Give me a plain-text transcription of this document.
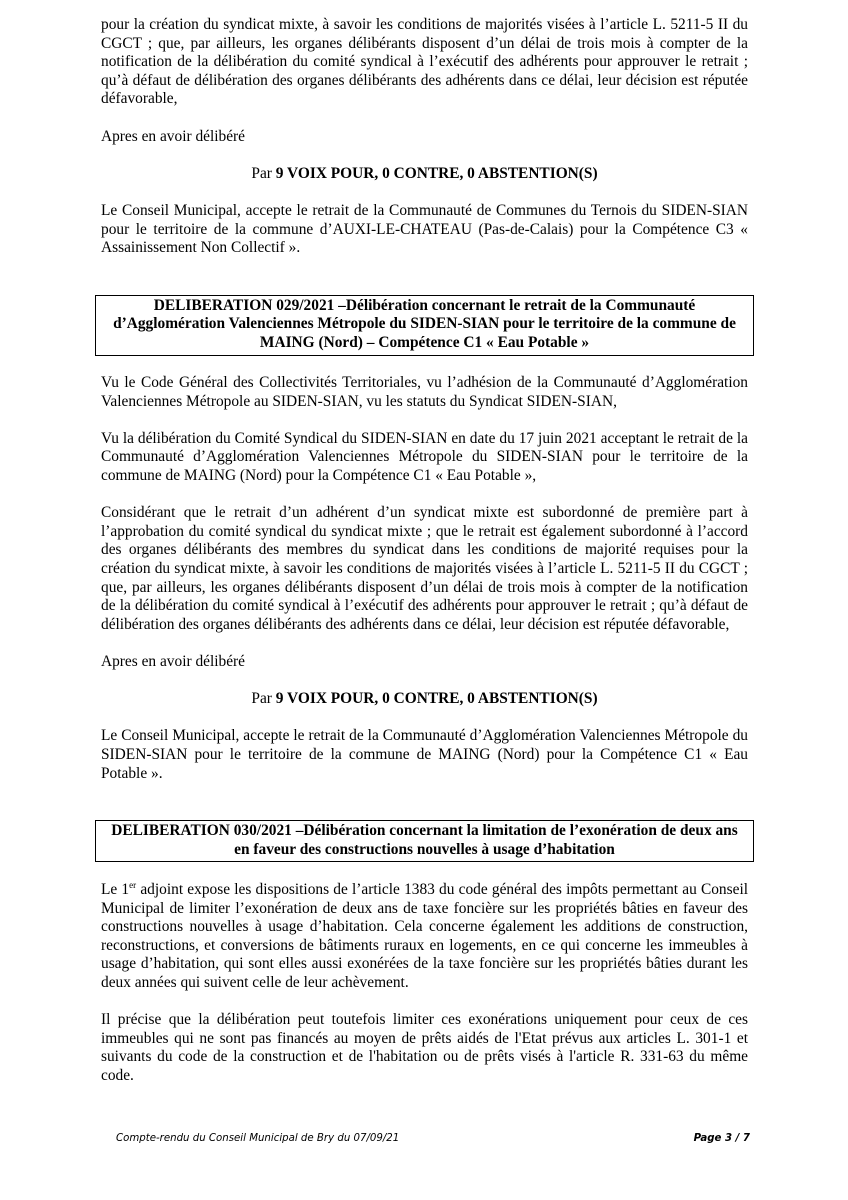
pour la création du syndicat mixte, à savoir les conditions de majorités visées à l’article L. 5211-5 II du CGCT ; que, par ailleurs, les organes délibérants disposent d’un délai de trois mois à compter de la notification de la délibération du comité syndical à l’exécutif des adhérents pour approuver le retrait ; qu’à défaut de délibération des organes délibérants des adhérents dans ce délai, leur décision est réputée défavorable,

Apres en avoir délibéré

Par 9 VOIX POUR, 0 CONTRE, 0 ABSTENTION(S)

Le Conseil Municipal, accepte le retrait de la Communauté de Communes du Ternois du SIDEN-SIAN pour le territoire de la commune d’AUXI-LE-CHATEAU (Pas-de-Calais) pour la Compétence C3 « Assainissement Non Collectif ».

DELIBERATION 029/2021 –Délibération concernant le retrait de la Communauté d’Agglomération Valenciennes Métropole du SIDEN-SIAN pour le territoire de la commune de MAING (Nord) – Compétence C1 « Eau Potable »

Vu le Code Général des Collectivités Territoriales, vu l’adhésion de la Communauté d’Agglomération Valenciennes Métropole au SIDEN-SIAN, vu les statuts du Syndicat SIDEN-SIAN,

Vu la délibération du Comité Syndical du SIDEN-SIAN en date du 17 juin 2021 acceptant le retrait de la Communauté d’Agglomération Valenciennes Métropole du SIDEN-SIAN pour le territoire de la commune de MAING (Nord) pour la Compétence C1 « Eau Potable »,

Considérant que le retrait d’un adhérent d’un syndicat mixte est subordonné de première part à l’approbation du comité syndical du syndicat mixte ; que le retrait est également subordonné à l’accord des organes délibérants des membres du syndicat dans les conditions de majorité requises pour la création du syndicat mixte, à savoir les conditions de majorités visées à l’article L. 5211-5 II du CGCT ; que, par ailleurs, les organes délibérants disposent d’un délai de trois mois à compter de la notification de la délibération du comité syndical à l’exécutif des adhérents pour approuver le retrait ; qu’à défaut de délibération des organes délibérants des adhérents dans ce délai, leur décision est réputée défavorable,

Apres en avoir délibéré

Par 9 VOIX POUR, 0 CONTRE, 0 ABSTENTION(S)

Le Conseil Municipal, accepte le retrait de la Communauté d’Agglomération Valenciennes Métropole du SIDEN-SIAN pour le territoire de la commune de MAING (Nord) pour la Compétence C1 « Eau Potable ».

DELIBERATION 030/2021 –Délibération concernant la limitation de l’exonération de deux ans en faveur des constructions nouvelles à usage d’habitation

Le 1er adjoint expose les dispositions de l’article 1383 du code général des impôts permettant au Conseil Municipal de limiter l’exonération de deux ans de taxe foncière sur les propriétés bâties en faveur des constructions nouvelles à usage d’habitation. Cela concerne également les additions de construction, reconstructions, et conversions de bâtiments ruraux en logements, en ce qui concerne les immeubles à usage d’habitation, qui sont elles aussi exonérées de la taxe foncière sur les propriétés bâties durant les deux années qui suivent celle de leur achèvement.

Il précise que la délibération peut toutefois limiter ces exonérations uniquement pour ceux de ces immeubles qui ne sont pas financés au moyen de prêts aidés de l'Etat prévus aux articles L. 301-1 et suivants du code de la construction et de l'habitation ou de prêts visés à l'article R. 331-63 du même code.

Compte-rendu du Conseil Municipal de Bry du 07/09/21	Page 3 / 7
